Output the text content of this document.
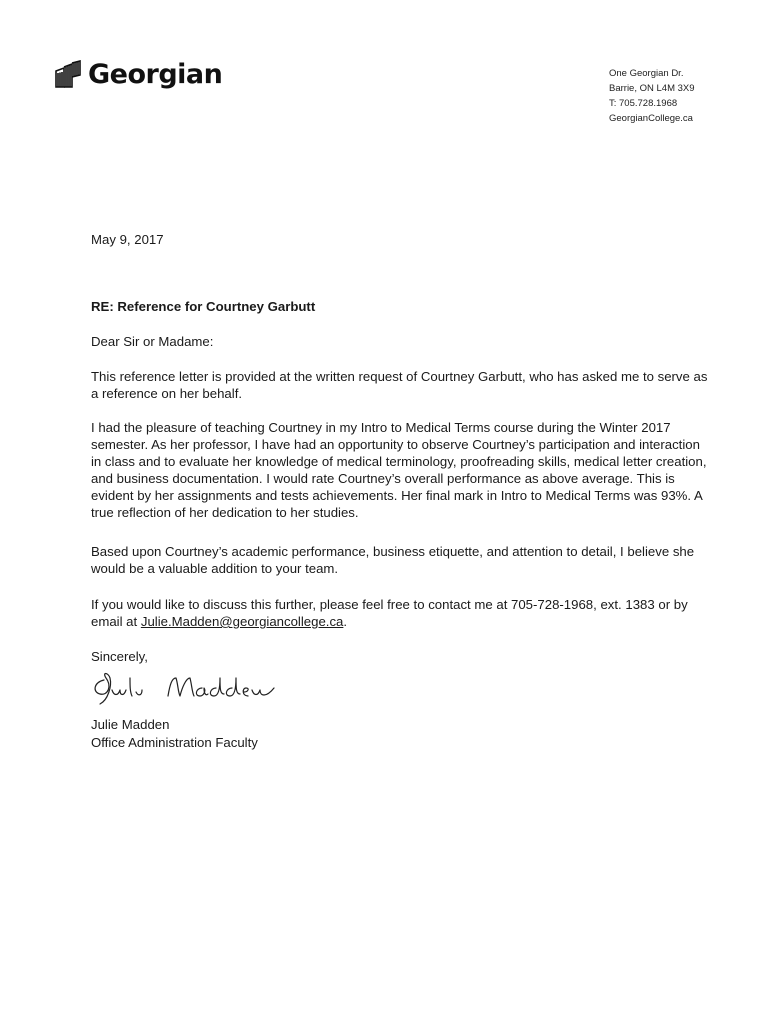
Georgian	One Georgian Dr.
Barrie, ON L4M 3X9
T: 705.728.1968
GeorgianCollege.ca
May 9, 2017
RE: Reference for Courtney Garbutt
Dear Sir or Madame:
This reference letter is provided at the written request of Courtney Garbutt, who has asked me to serve as a reference on her behalf.
I had the pleasure of teaching Courtney in my Intro to Medical Terms course during the Winter 2017 semester. As her professor, I have had an opportunity to observe Courtney’s participation and interaction in class and to evaluate her knowledge of medical terminology, proofreading skills, medical letter creation, and business documentation. I would rate Courtney’s overall performance as above average. This is evident by her assignments and tests achievements. Her final mark in Intro to Medical Terms was 93%. A true reflection of her dedication to her studies.
Based upon Courtney’s academic performance, business etiquette, and attention to detail, I believe she would be a valuable addition to your team.
If you would like to discuss this further, please feel free to contact me at 705-728-1968, ext. 1383 or by email at Julie.Madden@georgiancollege.ca.
Sincerely,
Julie Madden
Office Administration Faculty
